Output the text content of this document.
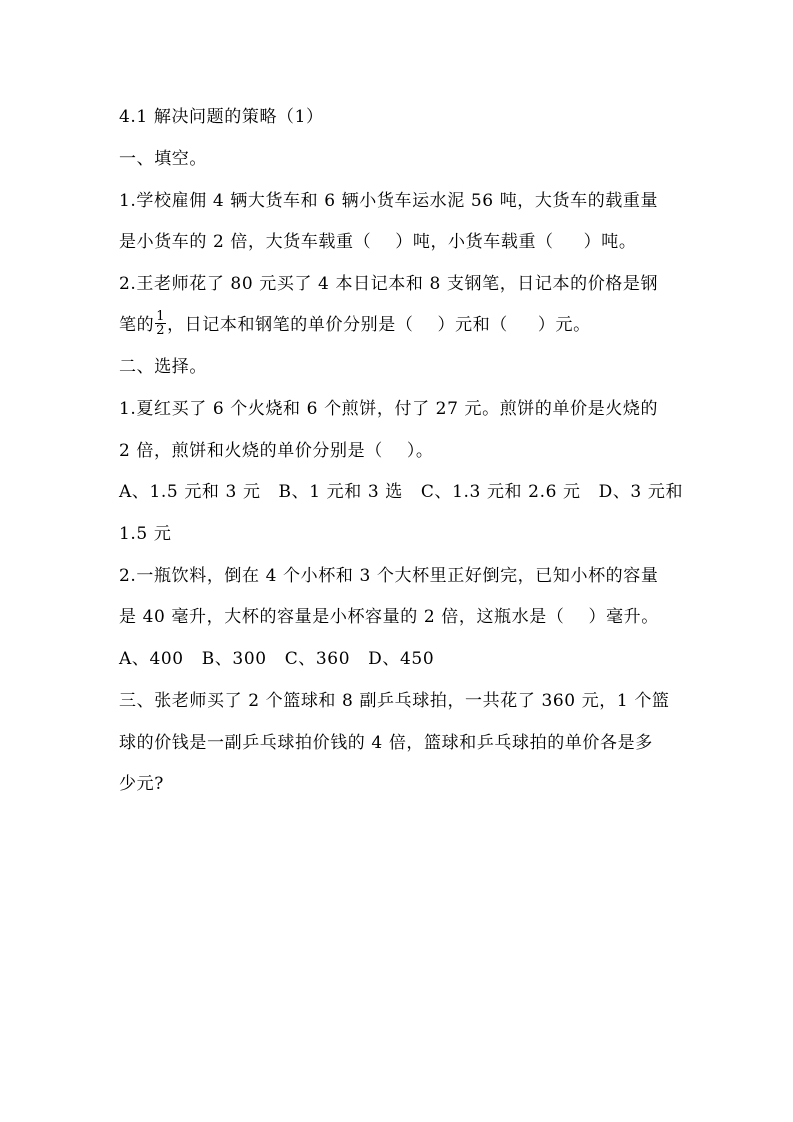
4.1 解决问题的策略（1）
一、填空。
1.学校雇佣 4 辆大货车和 6 辆小货车运水泥 56 吨，大货车的载重量
是小货车的 2 倍，大货车载重（    ）吨，小货车载重（     ）吨。
2.王老师花了 80 元买了 4 本日记本和 8 支钢笔，日记本的价格是钢
笔的 $\frac{1}{2}$ ，日记本和钢笔的单价分别是（    ）元和（     ）元。
二、选择。
1.夏红买了 6 个火烧和 6 个煎饼，付了 27 元。煎饼的单价是火烧的
2 倍，煎饼和火烧的单价分别是（    ）。
A、1.5 元和 3 元   B、1 元和 3 选   C、1.3 元和 2.6 元   D、3 元和
1.5 元
2.一瓶饮料，倒在 4 个小杯和 3 个大杯里正好倒完，已知小杯的容量
是 40 毫升，大杯的容量是小杯容量的 2 倍，这瓶水是（    ）毫升。
A、400   B、300   C、360   D、450
三、张老师买了 2 个篮球和 8 副乒乓球拍，一共花了 360 元，1 个篮
球的价钱是一副乒乓球拍价钱的 4 倍，篮球和乒乓球拍的单价各是多
少元?
